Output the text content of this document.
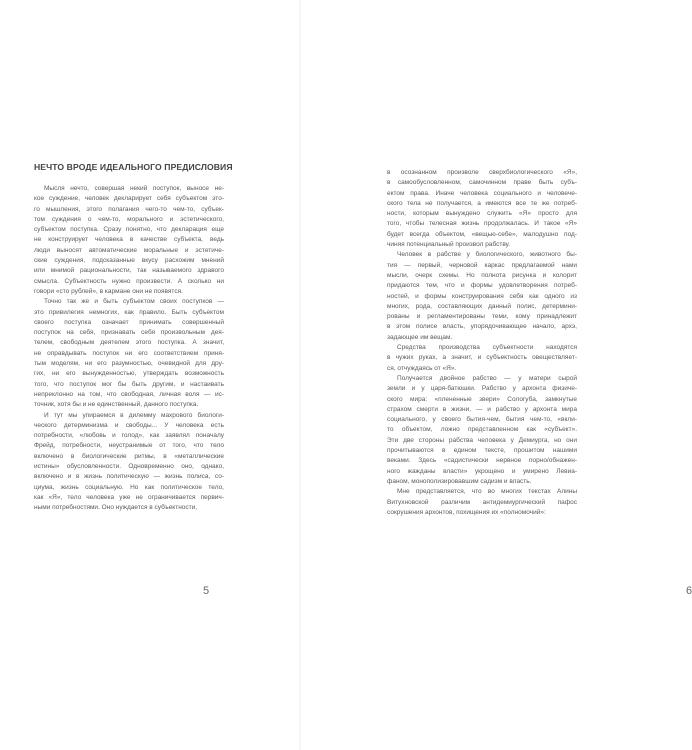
НЕЧТО ВРОДЕ ИДЕАЛЬНОГО ПРЕДИСЛОВИЯ
Мысля нечто, совершая некий поступок, выносе не-
кое суждение, человек декларирует себя субъектом это-
го мышления, этого полагания чего-то чем-то, субъек-
том суждения о чем-то, морального и эстетического,
субъектом поступка. Сразу понятно, что декларация еще
не конструирует человека в качестве субъекта, ведь
люди выносят автоматические моральные и эстетиче-
ские суждения, подсказанные вкусу расхожим мнений
или мнимой рациональности, так называемого здравого
смысла. Субъектность нужно произвести. А сколько ни
говори «сто рублей», в кармане они не появятся.
Точно так же и быть субъектом своих поступков —
это привилегия немногих, как правило. Быть субъектом
своего поступка означает принимать совершенный
поступок на себя, признавать себя произвольным дея-
телем, свободным деятелем этого поступка. А значит,
не оправдывать поступок ни его соответствием приня-
тым моделям, ни его разумностью, очевидной для дру-
гих, ни его вынужденностью, утверждать возможность
того, что поступок мог бы быть другим, и настаивать
непреклонно на том, что свободная, личная воля — ис-
точник, хотя бы и не единственный, данного поступка.
И тут мы упираемся в дилемму махрового биологи-
ческого детерминизма и свободы... У человека есть
потребности, «любовь и голод», как заявлял поначалу
Фрейд, потребности, неустранимые от того, что тело
включено в биологические ритмы, в «металлические
истины» обусловленности. Одновременно оно, однако,
включено и в жизнь политическую — жизнь полиса, со-
циума, жизнь социальную. Но как политическое тело,
как «Я», тело человека уже не ограничивается первич-
ными потребностями. Оно нуждается в субъектности,
5	6
в осознанном произволе сверхбиологического «Я»,
в самообусловленном, самочинном праве быть субъ-
ектом права. Иначе человека социального и человече-
ского тела не получается, а имеются все те же потреб-
ности, которым вынуждено служить «Я» просто для
того, чтобы телесная жизнь продолжалась. И такое «Я»
будет всегда объектом, «вещью-себе», малодушно под-
чиняя потенциальный произвол рабству.
Человек в рабстве у биологического, животного бы-
тия — первый, черновой каркас предлагаемой нами
мысли, очерк схемы. Но полнота рисунка и колорит
придаются тем, что и формы удовлетворения потреб-
ностей, и формы конструирования себя как одного из
многих, рода, составляющих данный полис, детермини-
рованы и регламентированы теми, кому принадлежит
в этом полисе власть, упорядочивающее начало, архэ,
задающее им вещам.
Средства производства субъектности находятся
в чужих руках, а значит, и субъектность овеществляет-
ся, отчуждаясь от «Я».
Получается двойное рабство — у матери сырой
земли и у царя-батюшки. Рабство у архонта физиче-
ского мира: «плененные звери» Сологуба, замкнутые
страхом смерти в жизни, — и рабство у архонта мира
социального, у своего бытия-чем, бытия чем-то, «вкли-
то объектом, ложно представленном как «субъект».
Эти две стороны рабства человека у Демиурга, но они
прочитываются в едином тексте, прошитом нашими
веками. Здесь «садистически нервное порно/обнажен-
ного жажданы власти» укрощено и умирено Левиа-
фаном, монополизировавшим садизм и власть.
Мне представляется, что во многих текстах Алины
Витухновской различим антидемиургический пафос
сокрушения архонтов, похищения их «полномочий»:
